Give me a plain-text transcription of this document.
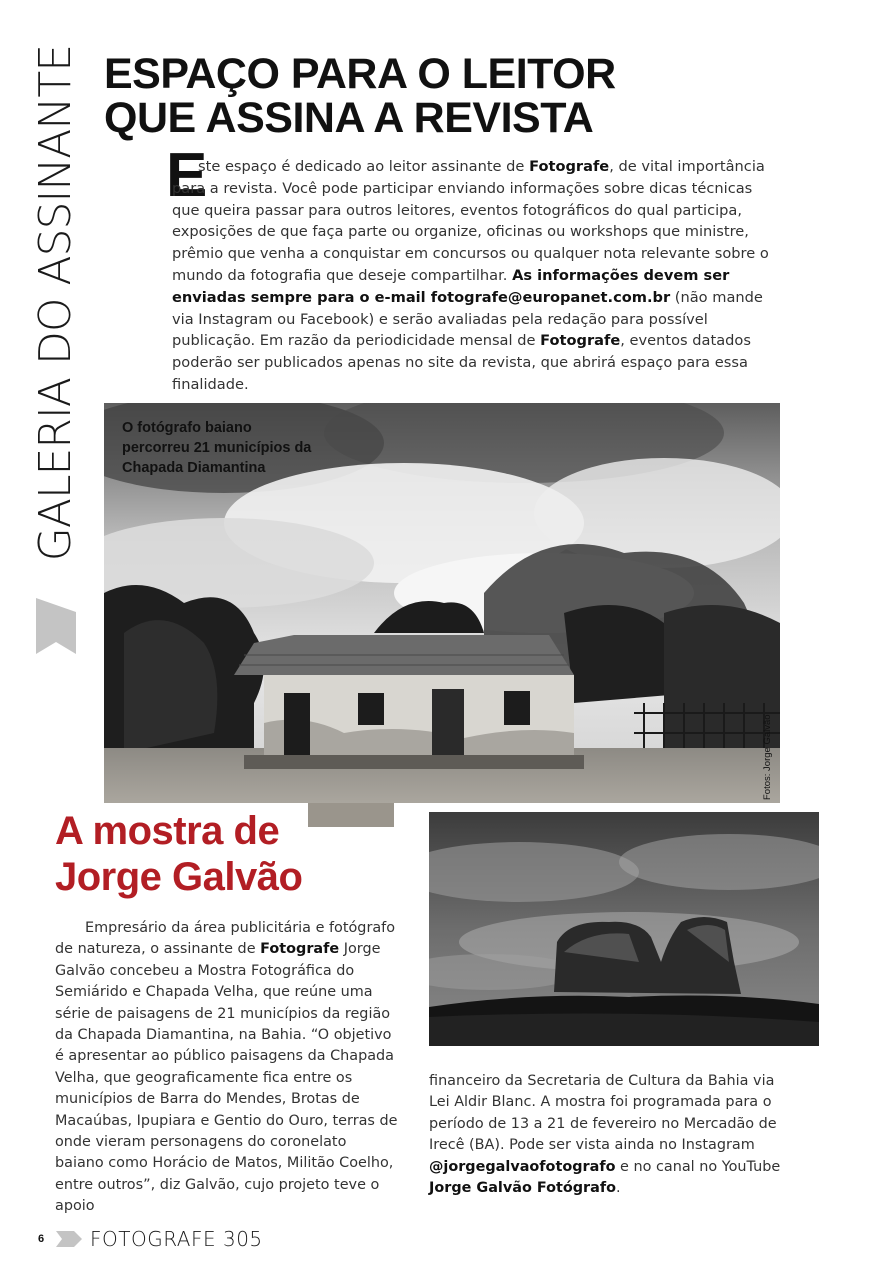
GALERIA DO ASSINANTE ESPAÇO PARA O LEITOR
QUE ASSINA A REVISTA
E

ste espaço é dedicado ao leitor assinante de Fotografe, de vital importância para a revista. Você pode participar enviando informações sobre dicas técnicas que queira passar para outros leitores, eventos fotográficos do qual participa, exposições de que faça parte ou organize, oficinas ou workshops que ministre, prêmio que venha a conquistar em concursos ou qualquer nota relevante sobre o mundo da fotografia que deseje compartilhar. As informações devem ser enviadas sempre para o e-mail fotografe@europanet.com.br (não mande via Instagram ou Facebook) e serão avaliadas pela redação para possível publicação. Em razão da periodicidade mensal de Fotografe, eventos datados poderão ser publicados apenas no site da revista, que abrirá espaço para essa finalidade.

O fotógrafo baiano percorreu 21 municípios da Chapada Diamantina

Fotos: Jorge Galvão
A mostra de
Jorge Galvão

Empresário da área publicitária e fotógrafo de natureza, o assinante de Fotografe Jorge Galvão concebeu a Mostra Fotográfica do Semiárido e Chapada Velha, que reúne uma série de paisagens de 21 municípios da região da Chapada Diamantina, na Bahia. “O objetivo é apresentar ao público paisagens da Chapada Velha, que geograficamente fica entre os municípios de Barra do Mendes, Brotas de Macaúbas, Ipupiara e Gentio do Ouro, terras de onde vieram personagens do coronelato baiano como Horácio de Matos, Militão Coelho, entre outros”, diz Galvão, cujo projeto teve o apoio

financeiro da Secretaria de Cultura da Bahia via Lei Aldir Blanc. A mostra foi programada para o período de 13 a 21 de fevereiro no Mercadão de Irecê (BA). Pode ser vista ainda no Instagram @jorgegalvaofotografo e no canal no YouTube Jorge Galvão Fotógrafo.

6	FOTOGRAFE 305
